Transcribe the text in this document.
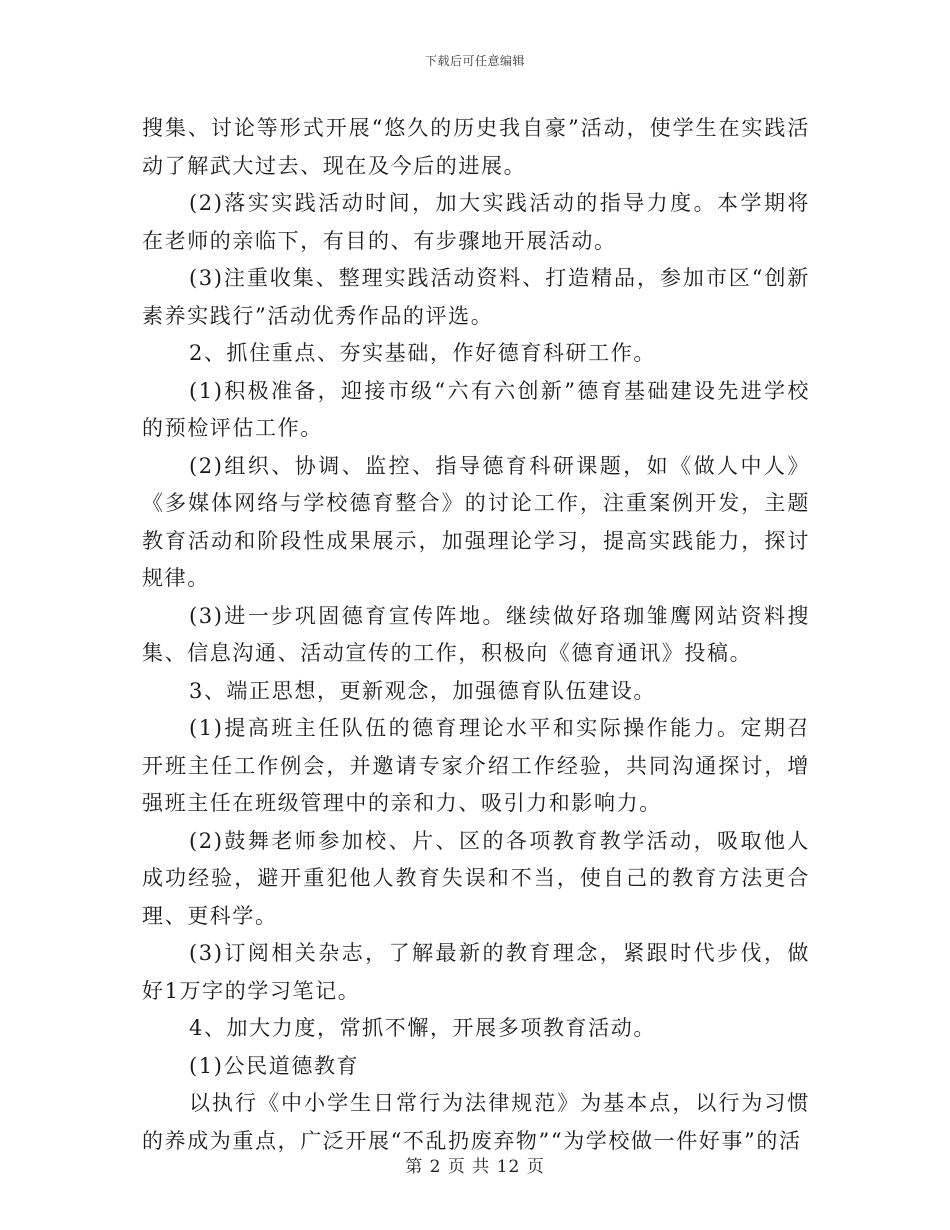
下载后可任意编辑

搜集、讨论等形式开展“悠久的历史我自豪”活动，使学生在实践活动了解武大过去、现在及今后的进展。

(2)落实实践活动时间，加大实践活动的指导力度。本学期将在老师的亲临下，有目的、有步骤地开展活动。

(3)注重收集、整理实践活动资料、打造精品，参加市区“创新素养实践行”活动优秀作品的评选。

2、抓住重点、夯实基础，作好德育科研工作。

(1)积极准备，迎接市级“六有六创新”德育基础建设先进学校的预检评估工作。

(2)组织、协调、监控、指导德育科研课题，如《做人中人》《多媒体网络与学校德育整合》的讨论工作，注重案例开发，主题教育活动和阶段性成果展示，加强理论学习，提高实践能力，探讨规律。

(3)进一步巩固德育宣传阵地。继续做好珞珈雏鹰网站资料搜集、信息沟通、活动宣传的工作，积极向《德育通讯》投稿。

3、端正思想，更新观念，加强德育队伍建设。

(1)提高班主任队伍的德育理论水平和实际操作能力。定期召开班主任工作例会，并邀请专家介绍工作经验，共同沟通探讨，增强班主任在班级管理中的亲和力、吸引力和影响力。

(2)鼓舞老师参加校、片、区的各项教育教学活动，吸取他人成功经验，避开重犯他人教育失误和不当，使自己的教育方法更合理、更科学。

(3)订阅相关杂志，了解最新的教育理念，紧跟时代步伐，做好1万字的学习笔记。

4、加大力度，常抓不懈，开展多项教育活动。

(1)公民道德教育

以执行《中小学生日常行为法律规范》为基本点，以行为习惯的养成为重点，广泛开展“不乱扔废弃物”“为学校做一件好事”的活

第 2 页 共 12 页
